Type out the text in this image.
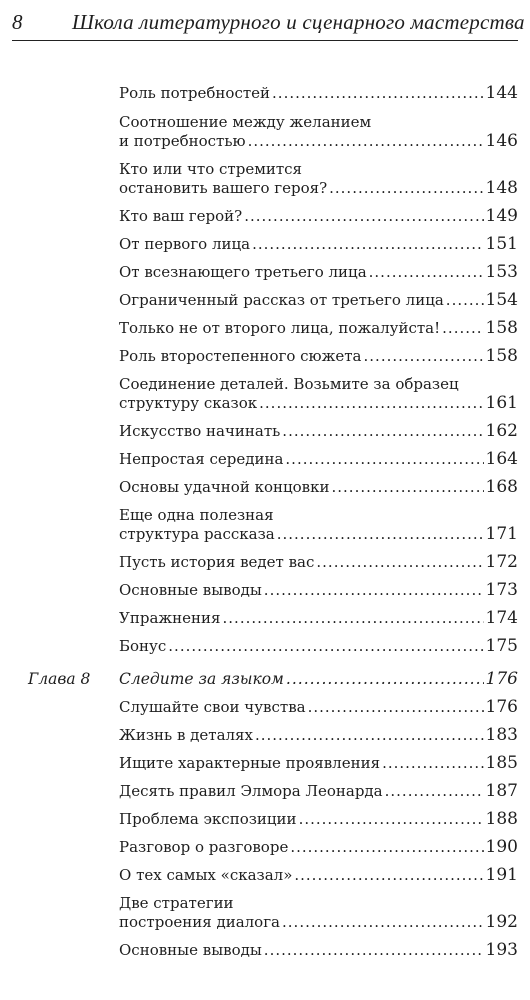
8 Школа литературного и сценарного мастерства
Роль потребностей .....	144
Соотношение между желанием
и потребностью .....	146
Кто или что стремится
остановить вашего героя? .....	148
Кто ваш герой? .....	149
От первого лица .....	151
От всезнающего третьего лица .....	153
Ограниченный рассказ от третьего лица ..... 154
Только не от второго лица, пожалуйста! .....	158
Роль второстепенного сюжета .....	158
Соединение деталей. Возьмите за образец
структуру сказок .....	161
Искусство начинать .....	162
Непростая середина .....	164
Основы удачной концовки .....	168
Еще одна полезная
структура рассказа .....	171
Пусть история ведет вас .....	172
Основные выводы .....	173
Упражнения .....	174
Бонус .....	175
Глава 8 Следите за языком .....	176
Слушайте свои чувства .....	176
Жизнь в деталях .....	183
Ищите характерные проявления .....	185
Десять правил Элмора Леонарда .....	187
Проблема экспозиции .....	188
Разговор о разговоре .....	190
О тех самых «сказал» .....	191
Две стратегии
построения диалога .....	192
Основные выводы .....	193
